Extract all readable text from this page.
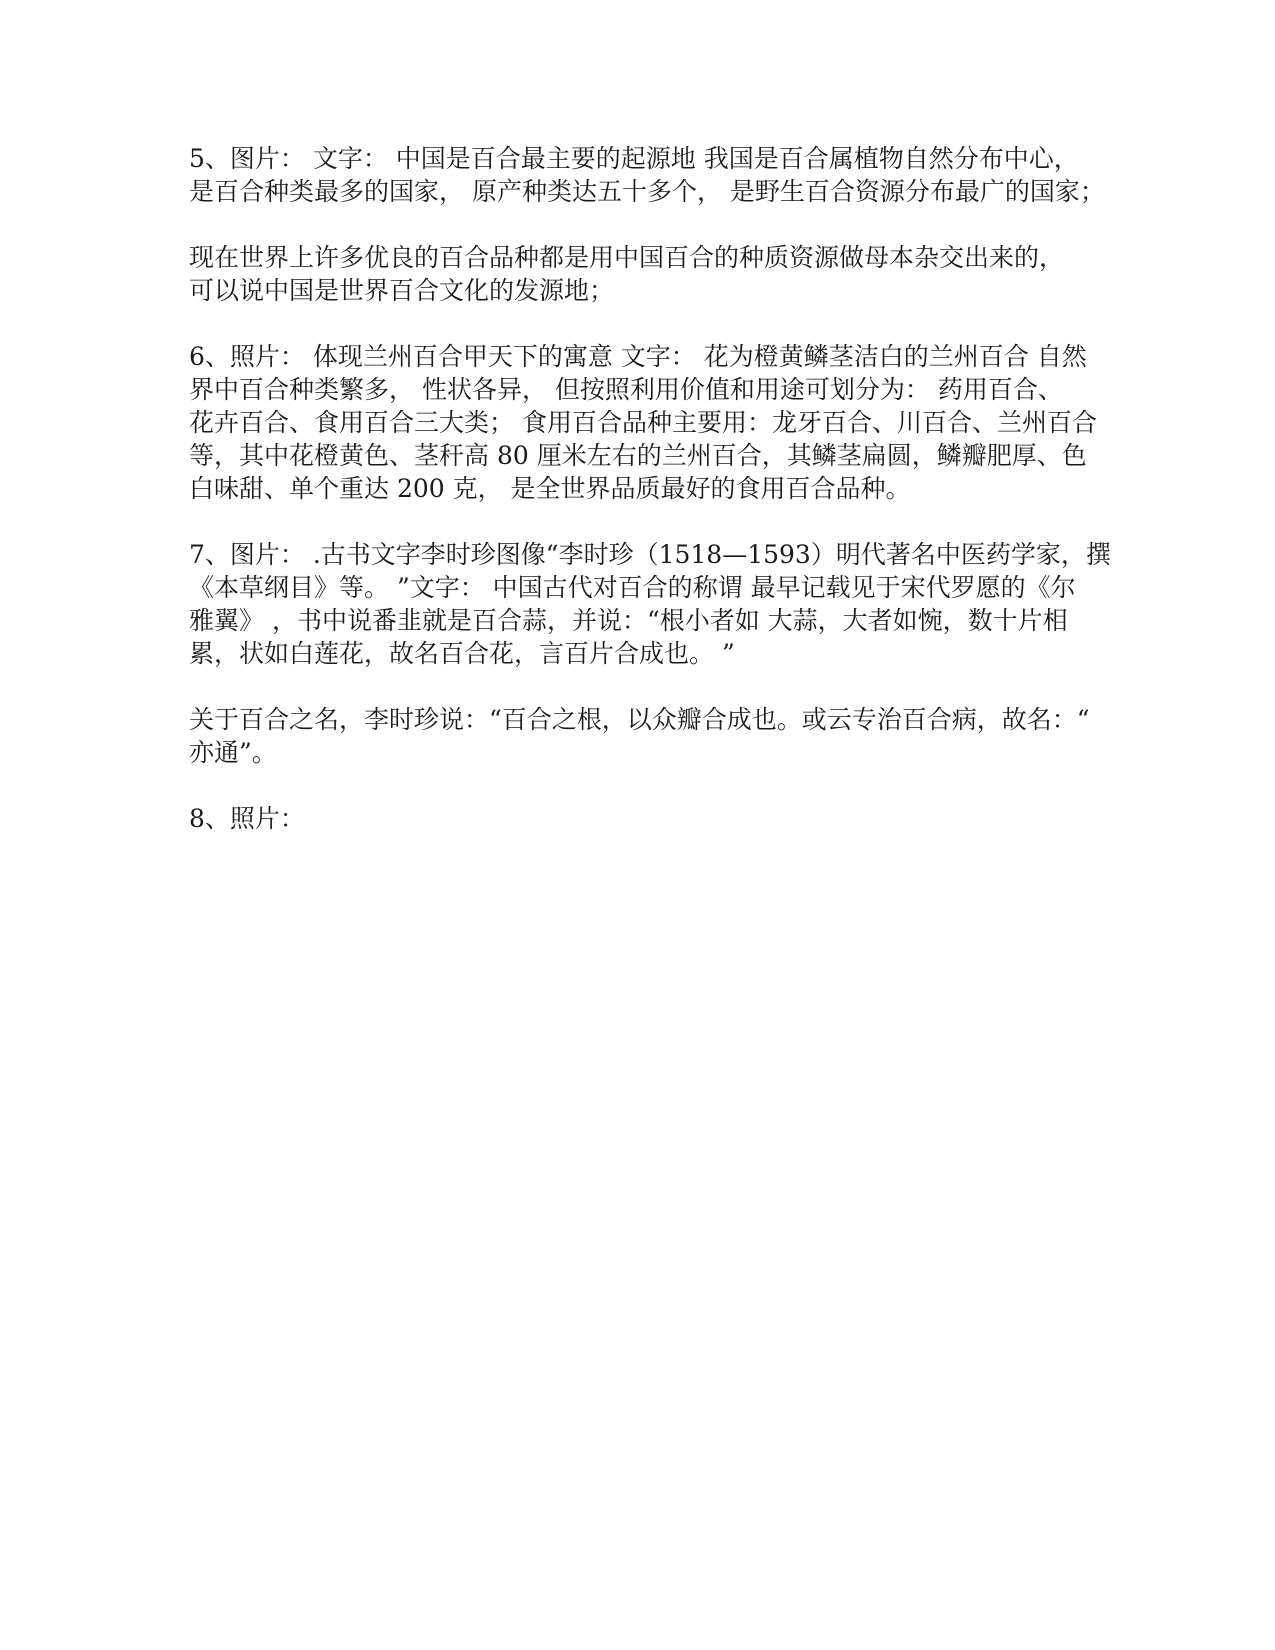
5、图片： 文字： 中国是百合最主要的起源地 我国是百合属植物自然分布中心，
是百合种类最多的国家， 原产种类达五十多个， 是野生百合资源分布最广的国家；

现在世界上许多优良的百合品种都是用中国百合的种质资源做母本杂交出来的，
可以说中国是世界百合文化的发源地；

6、照片： 体现兰州百合甲天下的寓意 文字： 花为橙黄鳞茎洁白的兰州百合 自然
界中百合种类繁多， 性状各异， 但按照利用价值和用途可划分为： 药用百合、
花卉百合、食用百合三大类； 食用百合品种主要用：龙牙百合、川百合、兰州百合
等，其中花橙黄色、茎秆高 80 厘米左右的兰州百合，其鳞茎扁圆，鳞瓣肥厚、色
白味甜、单个重达 200 克， 是全世界品质最好的食用百合品种。

7、图片： .古书文字李时珍图像“李时珍（1518—1593）明代著名中医药学家，撰
《本草纲目》等。 ”文字： 中国古代对百合的称谓 最早记载见于宋代罗愿的《尔
雅翼》 ，书中说番韭就是百合蒜，并说：“根小者如 大蒜，大者如惋，数十片相
累，状如白莲花，故名百合花，言百片合成也。 ”

关于百合之名，李时珍说：“百合之根，以众瓣合成也。或云专治百合病，故名：“
亦通”。

8、照片：
